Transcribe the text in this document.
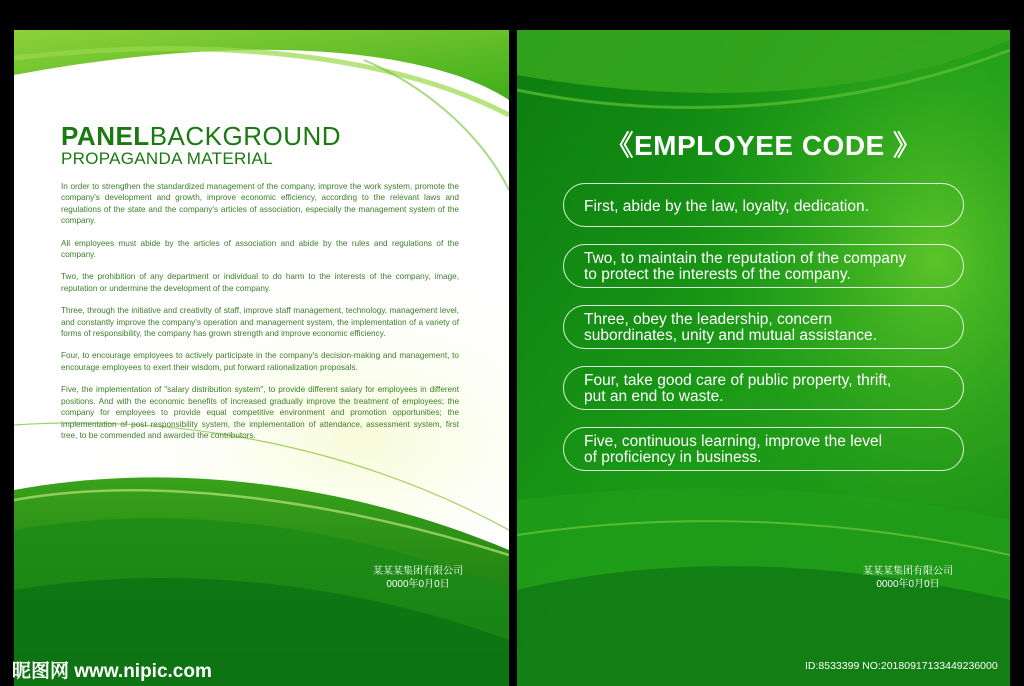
PANELBACKGROUND
PROPAGANDA MATERIAL

In order to strengthen the standardized management of the company, improve the work system, promote the company's development and growth, improve economic efficiency, according to the relevant laws and regulations of the state and the company's articles of association, especially the management system of the company.

All employees must abide by the articles of association and abide by the rules and regulations of the company.

Two, the prohibition of any department or individual to do harm to the interests of the company, image, reputation or undermine the development of the company.

Three, through the initiative and creativity of staff, improve staff management, technology, management level, and constantly improve the company's operation and management system, the implementation of a variety of forms of responsibility, the company has grown strength and improve economic efficiency.

Four, to encourage employees to actively participate in the company's decision-making and management, to encourage employees to exert their wisdom, put forward rationalization proposals.

Five, the implementation of "salary distribution system", to provide different salary for employees in different positions. And with the economic benefits of increased gradually improve the treatment of employees; the company for employees to provide equal competitive environment and promotion opportunities; the implementation of post responsibility system, the implementation of attendance, assessment system, first tree, to be commended and awarded the contributors.

某某某集团有限公司
0000年0月0日
《EMPLOYEE CODE 》
First, abide by the law, loyalty, dedication.
Two, to maintain the reputation of the company
to protect the interests of the company.
Three, obey the leadership, concern
subordinates, unity and mutual assistance.
Four, take good care of public property, thrift,
put an end to waste.
Five, continuous learning, improve the level
of proficiency in business.
某某某集团有限公司
0000年0月0日
昵图网 www.nipic.com	ID:8533399 NO:20180917133449236000
